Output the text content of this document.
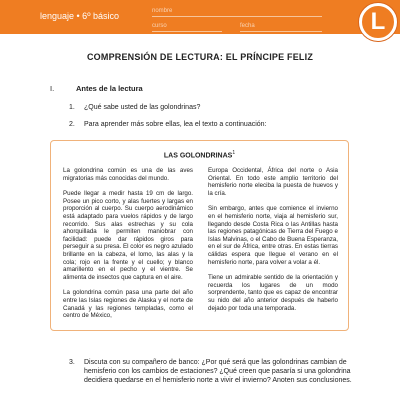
lenguaje • 6º básico	nombre
curso	fecha	L
COMPRENSIÓN DE LECTURA: EL PRÍNCIPE FELIZ
I.	Antes de la lectura
1.	¿Qué sabe usted de las golondrinas?
2.	Para aprender más sobre ellas, lea el texto a continuación:
LAS GOLONDRINAS$^1$

La golondrina común es una de las aves migratorias más conocidas del mundo.

Puede llegar a medir hasta 19 cm de largo. Posee un pico corto, y alas fuertes y largas en proporción al cuerpo. Su cuerpo aerodinámico está adaptado para vuelos rápidos y de largo recorrido. Sus alas estrechas y su cola ahorquillada le permiten maniobrar con facilidad: puede dar rápidos giros para perseguir a su presa. El color es negro azulado brillante en la cabeza, el lomo, las alas y la cola; rojo en la frente y el cuello; y blanco amarillento en el pecho y el vientre. Se alimenta de insectos que captura en el aire.

La golondrina común pasa una parte del año entre las Islas regiones de Alaska y el norte de Canadá y las regiones templadas, como el centro de México,

Europa Occidental, África del norte o Asia Oriental. En todo este amplio territorio del hemisferio norte eleciba la puesta de huevos y la cría.

Sin embargo, antes que comience el invierno en el hemisferio norte, viaja al hemisferio sur, llegando desde Costa Rica o las Antillas hasta las regiones patagónicas de Tierra del Fuego e Islas Malvinas, o el Cabo de Buena Esperanza, en el sur de África, entre otras. En estas tierras cálidas espera que llegue el verano en el hemisferio norte, para volver a volar a él.

Tiene un admirable sentido de la orientación y recuerda los lugares de un modo sorprendente, tanto que es capaz de encontrar su nido del año anterior después de haberlo dejado por toda una temporada.

3. Discuta con su compañero de banco: ¿Por qué será que las golondrinas cambian de hemisferio con los cambios de estaciones? ¿Qué creen que pasaría si una golondrina decidiera quedarse en el hemisferio norte a vivir el invierno? Anoten sus conclusiones.
